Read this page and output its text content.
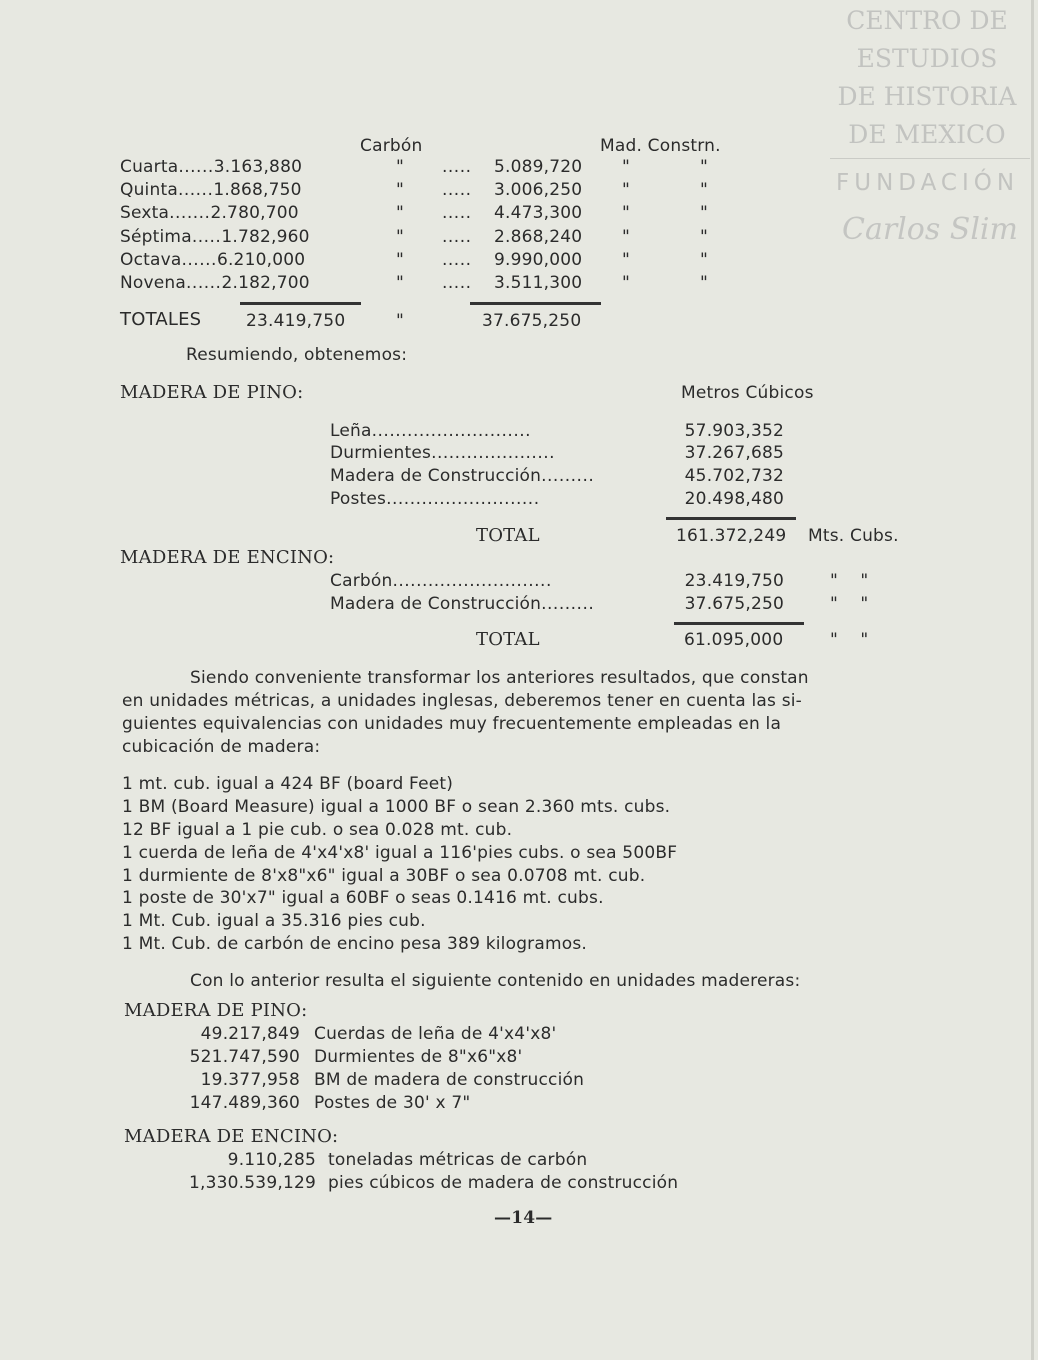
CENTRO DE
ESTUDIOS
DE HISTORIA
DE MEXICO
FUNDACIÓN
Carlos Slim
Carbón	Mad. Constrn.
Cuarta......3.163,880	" ..... 5.089,720 "	"
Quinta......1.868,750	" ..... 3.006,250 "	"
Sexta.......2.780,700	" ..... 4.473,300 "	"
Séptima.....1.782,960	" ..... 2.868,240 "	"
Octava......6.210,000	" ..... 9.990,000 "	"
Novena......2.182,700	" ..... 3.511,300 "	"
TOTALES	23.419,750	"	37.675,250
Resumiendo, obtenemos:
MADERA DE PINO:	Metros Cúbicos
Leña...........................	57.903,352
Durmientes.....................	37.267,685
Madera de Construcción.........	45.702,732
Postes..........................	20.498,480
TOTAL	161.372,249 Mts. Cubs.
MADERA DE ENCINO:
Carbón...........................	23.419,750	"    "
Madera de Construcción.........	37.675,250	"    "
TOTAL	61.095,000	"    "
Siendo conveniente transformar los anteriores resultados, que constan
en unidades métricas, a unidades inglesas, deberemos tener en cuenta las si-
guientes equivalencias con unidades muy frecuentemente empleadas en la
cubicación de madera:
1 mt. cub. igual a 424 BF (board Feet)
1 BM (Board Measure) igual a 1000 BF o sean 2.360 mts. cubs.
12 BF igual a 1 pie cub. o sea 0.028 mt. cub.
1 cuerda de leña de 4'x4'x8' igual a 116'pies cubs. o sea 500BF
1 durmiente de 8'x8"x6" igual a 30BF o sea 0.0708 mt. cub.
1 poste de 30'x7" igual a 60BF o seas 0.1416 mt. cubs.
1 Mt. Cub. igual a 35.316 pies cub.
1 Mt. Cub. de carbón de encino pesa 389 kilogramos.
Con lo anterior resulta el siguiente contenido en unidades madereras:
MADERA DE PINO:
49.217,849 Cuerdas de leña de 4'x4'x8'
521.747,590 Durmientes de 8"x6"x8'
19.377,958 BM de madera de construcción
147.489,360 Postes de 30' x 7"
MADERA DE ENCINO:
9.110,285 toneladas métricas de carbón
1,330.539,129 pies cúbicos de madera de construcción
—14—
